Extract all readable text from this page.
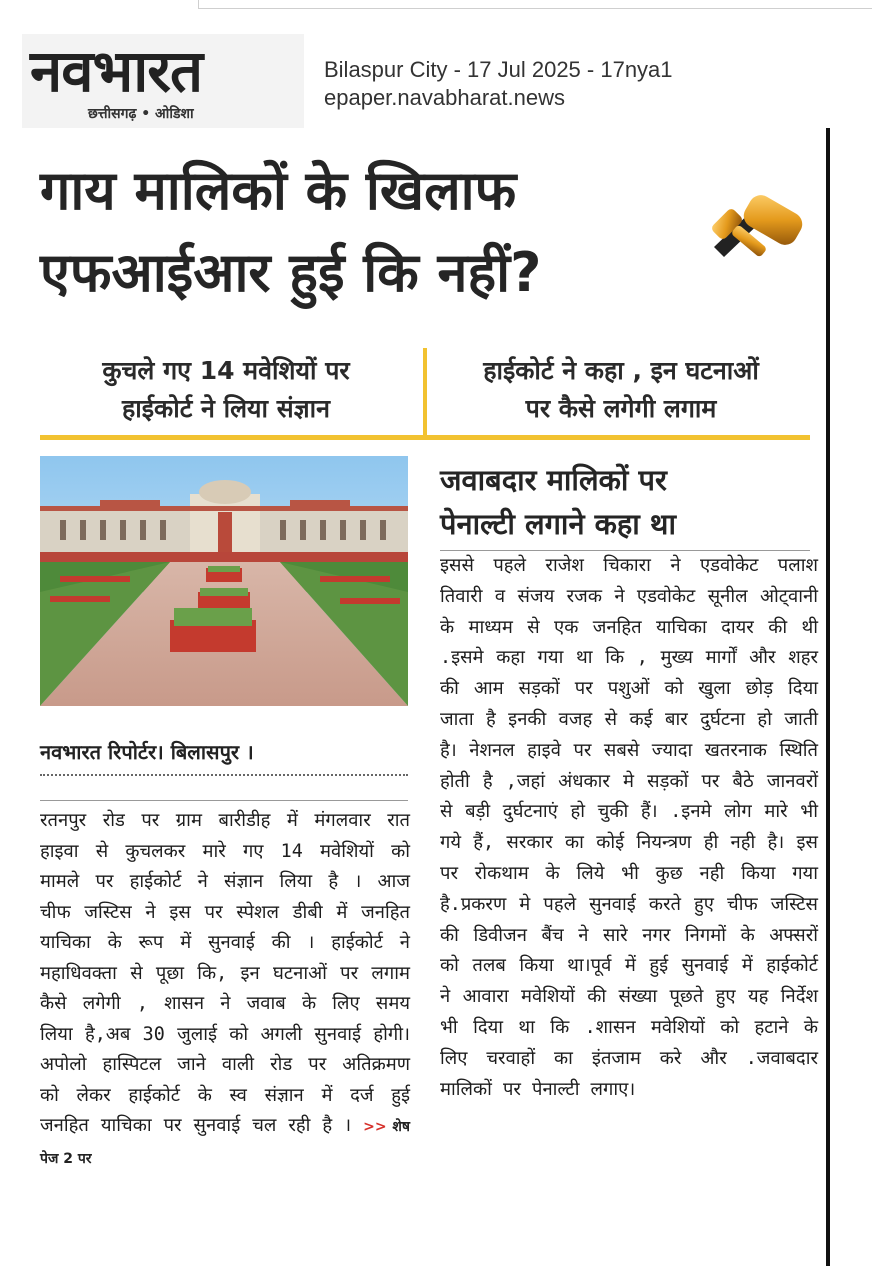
नवभारत
छत्तीसगढ़ • ओडिशा
Bilaspur City - 17 Jul 2025 - 17nya1
epaper.navabharat.news
गाय मालिकों के खिलाफ
एफआईआर हुई कि नहीं?
कुचले गए 14 मवेशियों पर
हाईकोर्ट ने लिया संज्ञान
हाईकोर्ट ने कहा , इन घटनाओं
पर कैसे लगेगी लगाम
नवभारत रिपोर्टर। बिलासपुर ।
रतनपुर रोड पर ग्राम बारीडीह में मंगलवार रात हाइवा से कुचलकर मारे गए 14 मवेशियों को मामले पर हाईकोर्ट ने संज्ञान लिया है । आज चीफ जस्टिस ने इस पर स्पेशल डीबी में जनहित याचिका के रूप में सुनवाई की । हाईकोर्ट ने महाधिवक्ता से पूछा कि, इन घटनाओं पर लगाम कैसे लगेगी , शासन ने जवाब के लिए समय लिया है,अब 30 जुलाई को अगली सुनवाई होगी। अपोलो हास्पिटल जाने वाली रोड पर अतिक्रमण को लेकर हाईकोर्ट के स्व संज्ञान में दर्ज हुई जनहित याचिका पर सुनवाई चल रही है । >> शेष पेज 2 पर
जवाबदार मालिकों पर
पेनाल्टी लगाने कहा था
इससे पहले राजेश चिकारा ने एडवोकेट पलाश तिवारी व संजय रजक ने एडवोकेट सूनील ओट्वानी के माध्यम से एक जनहित याचिका दायर की थी .इसमे कहा गया था कि , मुख्य मार्गों और शहर की आम सड़कों पर पशुओं को खुला छोड़ दिया जाता है इनकी वजह से कई बार दुर्घटना हो जाती है। नेशनल हाइवे पर सबसे ज्यादा खतरनाक स्थिति होती है ,जहां अंधकार मे सड़कों पर बैठे जानवरों से बड़ी दुर्घटनाएं हो चुकी हैं। .इनमे लोग मारे भी गये हैं, सरकार का कोई नियन्त्रण ही नही है। इस पर रोकथाम के लिये भी कुछ नही किया गया है.प्रकरण मे पहले सुनवाई करते हुए चीफ जस्टिस की डिवीजन बैंच ने सारे नगर निगमों के अफ्सरों को तलब किया था।पूर्व में हुई सुनवाई में हाईकोर्ट ने आवारा मवेशियों की संख्या पूछते हुए यह निर्देश भी दिया था कि .शासन मवेशियों को हटाने के लिए चरवाहों का इंतजाम करे और .जवाबदार मालिकों पर पेनाल्टी लगाए।
